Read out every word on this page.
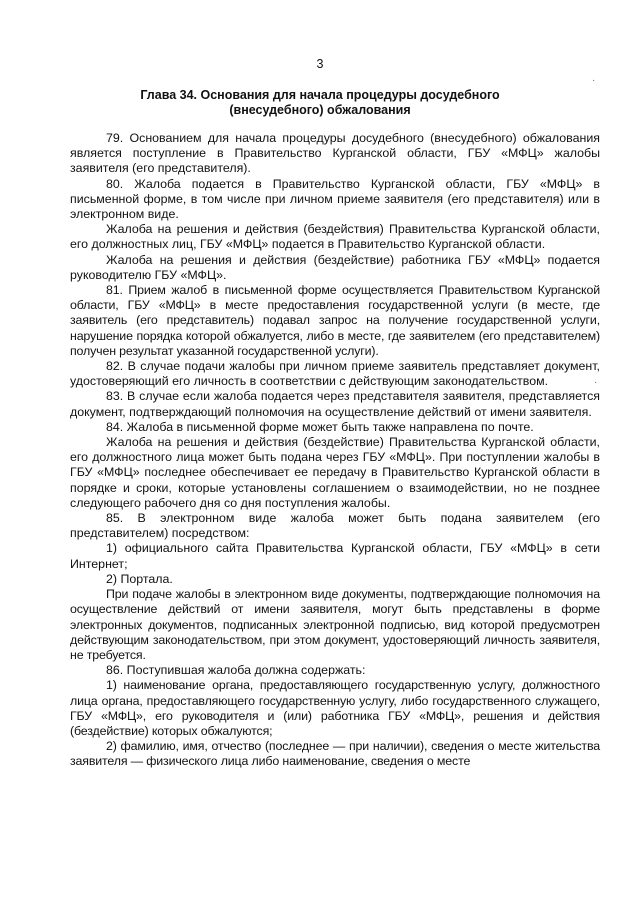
3
Глава 34. Основания для начала процедуры досудебного (внесудебного) обжалования

79. Основанием для начала процедуры досудебного (внесудебного) обжалования является поступление в Правительство Курганской области, ГБУ «МФЦ» жалобы заявителя (его представителя).

80. Жалоба подается в Правительство Курганской области, ГБУ «МФЦ» в письменной форме, в том числе при личном приеме заявителя (его представителя) или в электронном виде.

Жалоба на решения и действия (бездействия) Правительства Курганской области, его должностных лиц, ГБУ «МФЦ» подается в Правительство Курганской области.

Жалоба на решения и действия (бездействие) работника ГБУ «МФЦ» подается руководителю ГБУ «МФЦ».

81. Прием жалоб в письменной форме осуществляется Правительством Курганской области, ГБУ «МФЦ» в месте предоставления государственной услуги (в месте, где заявитель (его представитель) подавал запрос на получение государственной услуги, нарушение порядка которой обжалуется, либо в месте, где заявителем (его представителем) получен результат указанной государственной услуги).

82. В случае подачи жалобы при личном приеме заявитель представляет документ, удостоверяющий его личность в соответствии с действующим законодательством.

83. В случае если жалоба подается через представителя заявителя, представляется документ, подтверждающий полномочия на осуществление действий от имени заявителя.

84. Жалоба в письменной форме может быть также направлена по почте.

Жалоба на решения и действия (бездействие) Правительства Курганской области, его должностного лица может быть подана через ГБУ «МФЦ». При поступлении жалобы в ГБУ «МФЦ» последнее обеспечивает ее передачу в Правительство Курганской области в порядке и сроки, которые установлены соглашением о взаимодействии, но не позднее следующего рабочего дня со дня поступления жалобы.

85. В электронном виде жалоба может быть подана заявителем (его представителем) посредством:

1) официального сайта Правительства Курганской области, ГБУ «МФЦ» в сети Интернет;

2) Портала.

При подаче жалобы в электронном виде документы, подтверждающие полномочия на осуществление действий от имени заявителя, могут быть представлены в форме электронных документов, подписанных электронной подписью, вид которой предусмотрен действующим законодательством, при этом документ, удостоверяющий личность заявителя, не требуется.

86. Поступившая жалоба должна содержать:

1) наименование органа, предоставляющего государственную услугу, должностного лица органа, предоставляющего государственную услугу, либо государственного служащего, ГБУ «МФЦ», его руководителя и (или) работника ГБУ «МФЦ», решения и действия (бездействие) которых обжалуются;

2) фамилию, имя, отчество (последнее — при наличии), сведения о месте жительства заявителя — физического лица либо наименование, сведения о месте

·
·
